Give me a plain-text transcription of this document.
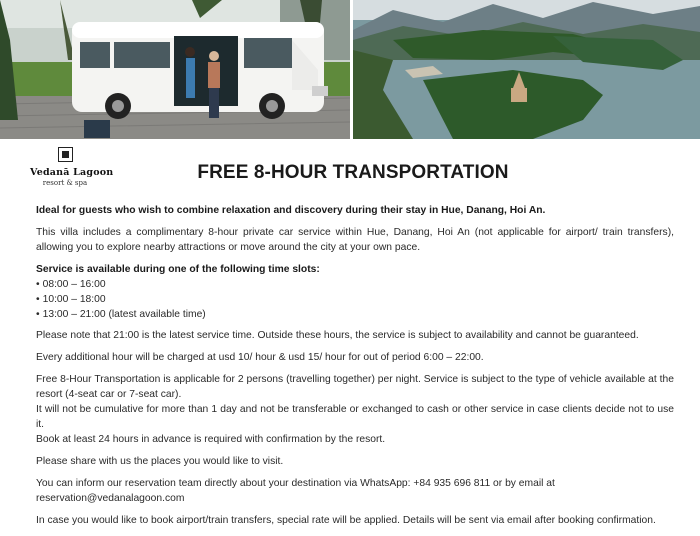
Vedanā Lagoon
resort & spa	FREE 8-HOUR TRANSPORTATION

Ideal for guests who wish to combine relaxation and discovery during their stay in Hue, Danang, Hoi An.

This villa includes a complimentary 8-hour private car service within Hue, Danang, Hoi An (not applicable for airport/ train transfers), allowing you to explore nearby attractions or move around the city at your own pace.

Service is available during one of the following time slots:

• 08:00 – 16:00
• 10:00 – 18:00
• 13:00 – 21:00 (latest available time)

Please note that 21:00 is the latest service time. Outside these hours, the service is subject to availability and cannot be guaranteed.

Every additional hour will be charged at usd 10/ hour & usd 15/ hour for out of period 6:00 – 22:00.

Free 8-Hour Transportation is applicable for 2 persons (travelling together) per night. Service is subject to the type of vehicle available at the resort (4-seat car or 7-seat car).
It will not be cumulative for more than 1 day and not be transferable or exchanged to cash or other service in case clients decide not to use it.
Book at least 24 hours in advance is required with confirmation by the resort.

Please share with us the places you would like to visit.

You can inform our reservation team directly about your destination via WhatsApp: +84 935 696 811 or by email at
reservation@vedanalagoon.com

In case you would like to book airport/train transfers, special rate will be applied. Details will be sent via email after booking confirmation.
